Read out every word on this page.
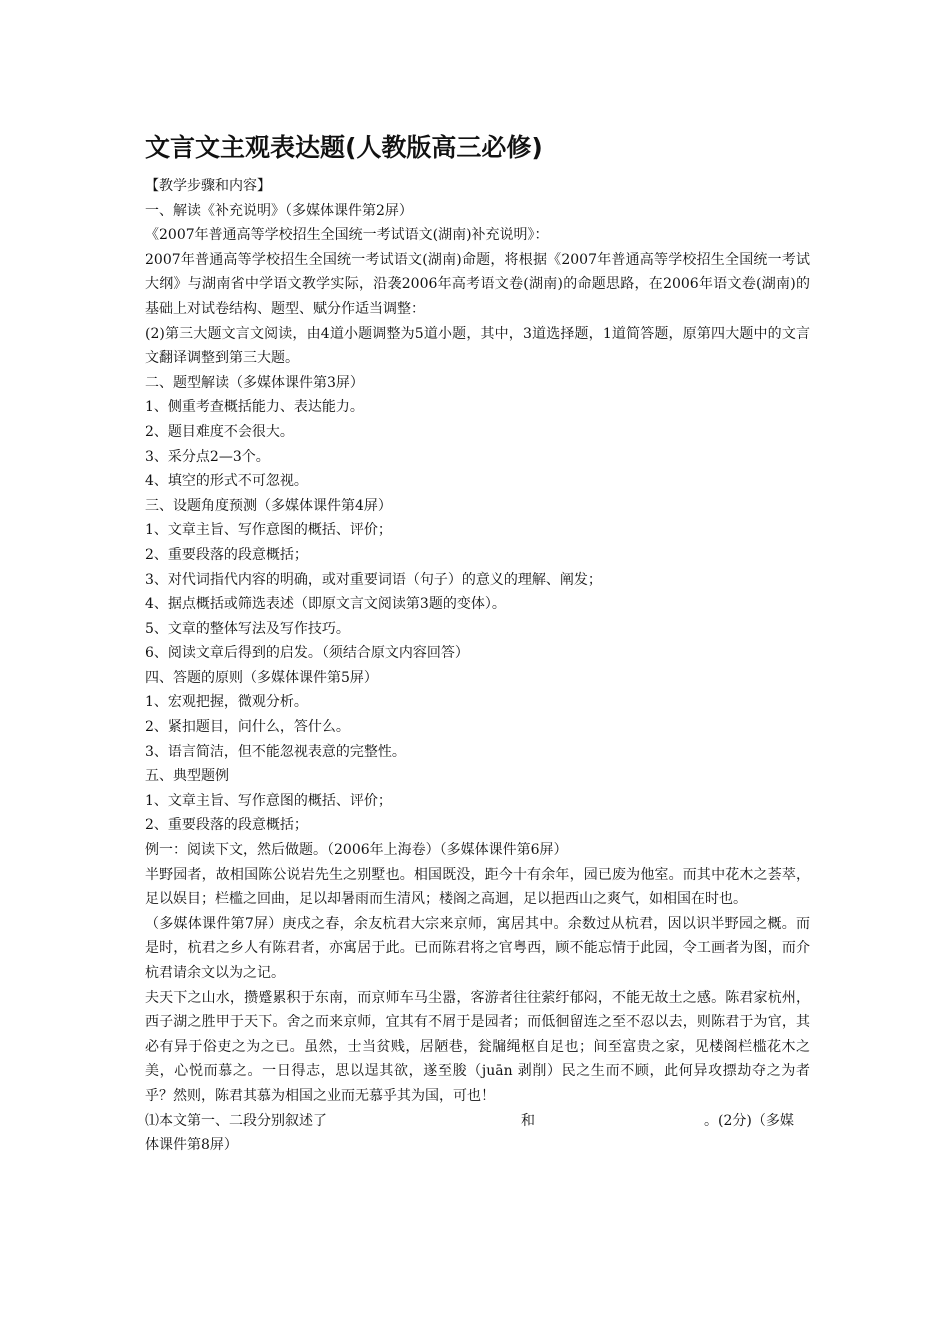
文言文主观表达题(人教版高三必修)

【教学步骤和内容】

一、解读《补充说明》（多媒体课件第2屏）

《2007年普通高等学校招生全国统一考试语文(湖南)补充说明》：

2007年普通高等学校招生全国统一考试语文(湖南)命题，将根据《2007年普通高等学校招生全国统一考试大纲》与湖南省中学语文教学实际，沿袭2006年高考语文卷(湖南)的命题思路，在2006年语文卷(湖南)的基础上对试卷结构、题型、赋分作适当调整：

(2)第三大题文言文阅读，由4道小题调整为5道小题，其中，3道选择题，1道简答题，原第四大题中的文言文翻译调整到第三大题。

二、题型解读（多媒体课件第3屏）

1、侧重考查概括能力、表达能力。

2、题目难度不会很大。

3、采分点2—3个。

4、填空的形式不可忽视。

三、设题角度预测（多媒体课件第4屏）

1、文章主旨、写作意图的概括、评价；

2、重要段落的段意概括；

3、对代词指代内容的明确，或对重要词语（句子）的意义的理解、阐发；

4、据点概括或筛选表述（即原文言文阅读第3题的变体）。

5、文章的整体写法及写作技巧。

6、阅读文章后得到的启发。（须结合原文内容回答）

四、答题的原则（多媒体课件第5屏）

1、宏观把握，微观分析。

2、紧扣题目，问什么，答什么。

3、语言简洁，但不能忽视表意的完整性。

五、典型题例

1、文章主旨、写作意图的概括、评价；

2、重要段落的段意概括；

例一：阅读下文，然后做题。（2006年上海卷）（多媒体课件第6屏）

半野园者，故相国陈公说岩先生之别墅也。相国既没，距今十有余年，园已废为他室。而其中花木之荟萃，足以娱目；栏槛之回曲，足以却暑雨而生清风；楼阁之高迴，足以挹西山之爽气，如相国在时也。

（多媒体课件第7屏）庚戌之春，余友杭君大宗来京师，寓居其中。余数过从杭君，因以识半野园之概。而是时，杭君之乡人有陈君者，亦寓居于此。已而陈君将之官粤西，顾不能忘情于此园，令工画者为图，而介杭君请余文以为之记。

夫天下之山水，攒蹙累积于东南，而京师车马尘嚣，客游者往往萦纡郁闷，不能无故土之感。陈君家杭州，西子湖之胜甲于天下。舍之而来京师，宜其有不屑于是园者；而低徊留连之至不忍以去，则陈君于为官，其必有异于俗吏之为之已。虽然，士当贫贱，居陋巷，瓮牖绳枢自足也；间至富贵之家，见楼阁栏槛花木之美，心悦而慕之。一日得志，思以逞其欲，遂至朘（juān 剥削）民之生而不顾，此何异攻摽劫夺之为者乎？然则，陈君其慕为相国之业而无慕乎其为国，可也！

⑴本文第一、二段分别叙述了	和	。(2分)（多媒

体课件第8屏）
